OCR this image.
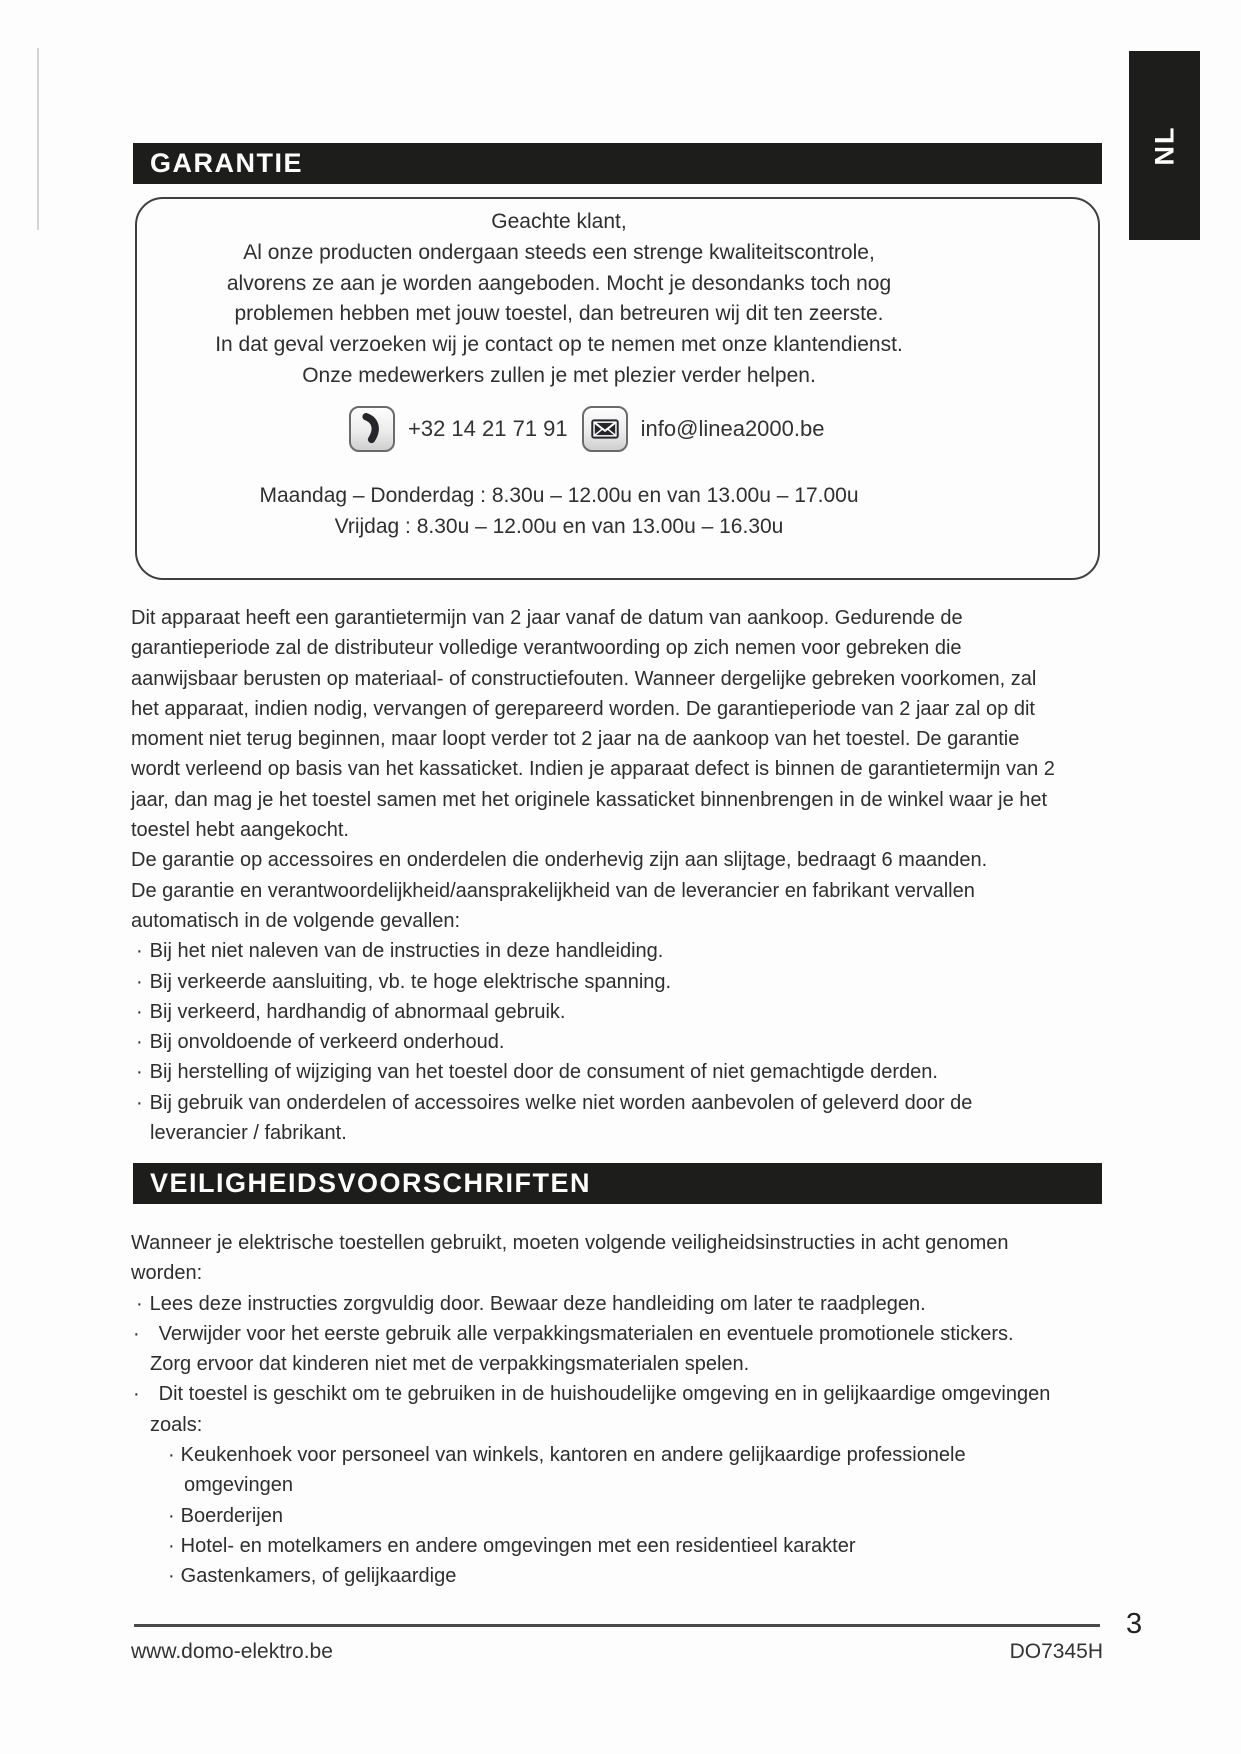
NL
GARANTIE
Geachte klant,
Al onze producten ondergaan steeds een strenge kwaliteitscontrole,
alvorens ze aan je worden aangeboden. Mocht je desondanks toch nog
problemen hebben met jouw toestel, dan betreuren wij dit ten zeerste.
In dat geval verzoeken wij je contact op te nemen met onze klantendienst.
Onze medewerkers zullen je met plezier verder helpen.
+32 14 21 71 91	info@linea2000.be
Maandag – Donderdag : 8.30u – 12.00u en van 13.00u – 17.00u
Vrijdag : 8.30u – 12.00u en van 13.00u – 16.30u
Dit apparaat heeft een garantietermijn van 2 jaar vanaf de datum van aankoop. Gedurende de
garantieperiode zal de distributeur volledige verantwoording op zich nemen voor gebreken die
aanwijsbaar berusten op materiaal- of constructiefouten. Wanneer dergelijke gebreken voorkomen, zal
het apparaat, indien nodig, vervangen of gerepareerd worden. De garantieperiode van 2 jaar zal op dit
moment niet terug beginnen, maar loopt verder tot 2 jaar na de aankoop van het toestel. De garantie
wordt verleend op basis van het kassaticket. Indien je apparaat defect is binnen de garantietermijn van 2
jaar, dan mag je het toestel samen met het originele kassaticket binnenbrengen in de winkel waar je het
toestel hebt aangekocht.
De garantie op accessoires en onderdelen die onderhevig zijn aan slijtage, bedraagt 6 maanden.
De garantie en verantwoordelijkheid/aansprakelijkheid van de leverancier en fabrikant vervallen
automatisch in de volgende gevallen:
· Bij het niet naleven van de instructies in deze handleiding.
· Bij verkeerde aansluiting, vb. te hoge elektrische spanning.
· Bij verkeerd, hardhandig of abnormaal gebruik.
· Bij onvoldoende of verkeerd onderhoud.
· Bij herstelling of wijziging van het toestel door de consument of niet gemachtigde derden.
· Bij gebruik van onderdelen of accessoires welke niet worden aanbevolen of geleverd door de
leverancier / fabrikant.
VEILIGHEIDSVOORSCHRIFTEN
Wanneer je elektrische toestellen gebruikt, moeten volgende veiligheidsinstructies in acht genomen
worden:
· Lees deze instructies zorgvuldig door. Bewaar deze handleiding om later te raadplegen.
· Verwijder voor het eerste gebruik alle verpakkingsmaterialen en eventuele promotionele stickers.
Zorg ervoor dat kinderen niet met de verpakkingsmaterialen spelen.
· Dit toestel is geschikt om te gebruiken in de huishoudelijke omgeving en in gelijkaardige omgevingen
zoals:
· Keukenhoek voor personeel van winkels, kantoren en andere gelijkaardige professionele
omgevingen
· Boerderijen
· Hotel- en motelkamers en andere omgevingen met een residentieel karakter
· Gastenkamers, of gelijkaardige
3
www.domo-elektro.be	DO7345H
